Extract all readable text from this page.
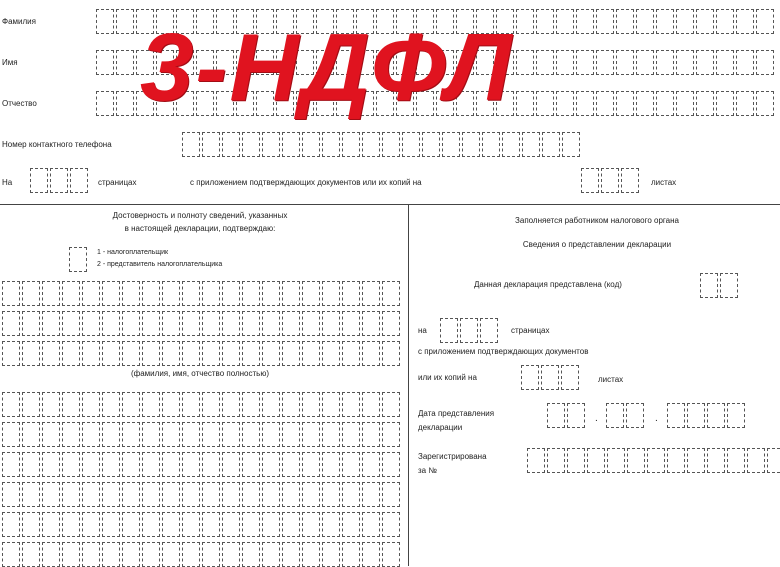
Фамилия
Имя
Отчество
Номер контактного телефона
На	страницах	с приложением подтверждающих документов или их копий на	листах
3-НДФЛ
Достоверность и полноту сведений, указанных
в настоящей декларации, подтверждаю:
1 - налогоплательщик
2 - представитель налогоплательщика
(фамилия, имя, отчество полностью)
Заполняется работником налогового органа
Сведения о представлении декларации
Данная декларация представлена (код)
на	страницах
с приложением подтверждающих документов
или их копий на	листах
Дата представления
декларации
.	.
Зарегистрирована
за №
